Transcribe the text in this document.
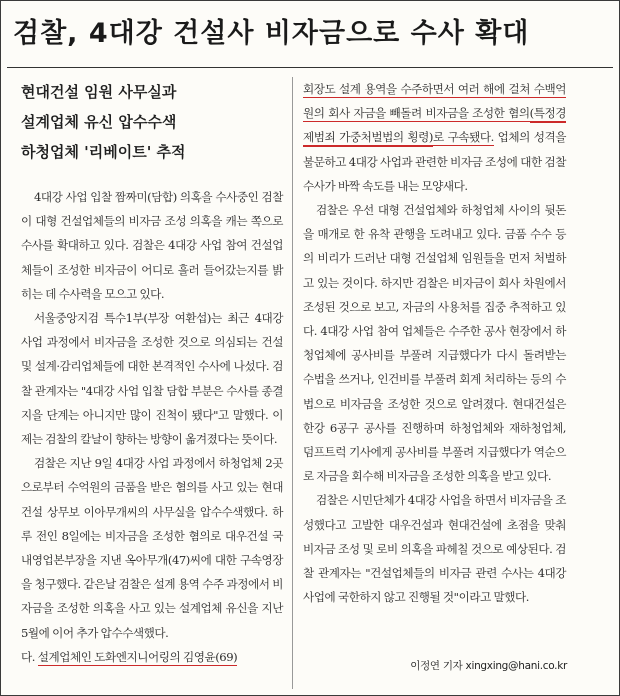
검찰, 4대강 건설사 비자금으로 수사 확대
현대건설 임원 사무실과
설계업체 유신 압수수색
하청업체 '리베이트' 추적

4대강 사업 입찰 짬짜미(담합) 의혹을 수사중인 검찰이 대형 건설업체들의 비자금 조성 의혹을 캐는 쪽으로 수사를 확대하고 있다. 검찰은 4대강 사업 참여 건설업체들이 조성한 비자금이 어디로 흘러 들어갔는지를 밝히는 데 수사력을 모으고 있다.

서울중앙지검 특수1부(부장 여환섭)는 최근 4대강 사업 과정에서 비자금을 조성한 것으로 의심되는 건설 및 설계·감리업체들에 대한 본격적인 수사에 나섰다. 검찰 관계자는 "4대강 사업 입찰 담합 부분은 수사를 종결지을 단계는 아니지만 많이 진척이 됐다"고 말했다. 이제는 검찰의 칼날이 향하는 방향이 옮겨졌다는 뜻이다.

검찰은 지난 9일 4대강 사업 과정에서 하청업체 2곳으로부터 수억원의 금품을 받은 혐의를 사고 있는 현대건설 상무보 이아무개씨의 사무실을 압수수색했다. 하루 전인 8일에는 비자금을 조성한 혐의로 대우건설 국내영업본부장을 지낸 옥아무개(47)씨에 대한 구속영장을 청구했다. 같은날 검찰은 설계 용역 수주 과정에서 비자금을 조성한 의혹을 사고 있는 설계업체 유신을 지난 5월에 이어 추가 압수수색했다.

다. 설계업체인 도화엔지니어링의 김영윤(69)

회장도 설계 용역을 수주하면서 여러 해에 걸쳐 수백억원의 회사 자금을 빼돌려 비자금을 조성한 혐의(특정경제범죄 가중처벌법의 횡령)로 구속됐다. 업체의 성격을 불문하고 4대강 사업과 관련한 비자금 조성에 대한 검찰 수사가 바짝 속도를 내는 모양새다.

검찰은 우선 대형 건설업체와 하청업체 사이의 뒷돈을 매개로 한 유착 관행을 도려내고 있다. 금품 수수 등의 비리가 드러난 대형 건설업체 임원들을 먼저 처벌하고 있는 것이다. 하지만 검찰은 비자금이 회사 차원에서 조성된 것으로 보고, 자금의 사용처를 집중 추적하고 있다. 4대강 사업 참여 업체들은 수주한 공사 현장에서 하청업체에 공사비를 부풀려 지급했다가 다시 돌려받는 수법을 쓰거나, 인건비를 부풀려 회계 처리하는 등의 수법으로 비자금을 조성한 것으로 알려졌다. 현대건설은 한강 6공구 공사를 진행하며 하청업체와 재하청업체, 덤프트럭 기사에게 공사비를 부풀려 지급했다가 역순으로 자금을 회수해 비자금을 조성한 의혹을 받고 있다.

검찰은 시민단체가 4대강 사업을 하면서 비자금을 조성했다고 고발한 대우건설과 현대건설에 초점을 맞춰 비자금 조성 및 로비 의혹을 파헤칠 것으로 예상된다. 검찰 관계자는 "건설업체들의 비자금 관련 수사는 4대강 사업에 국한하지 않고 진행될 것"이라고 말했다.

이정연 기자 xingxing@hani.co.kr
